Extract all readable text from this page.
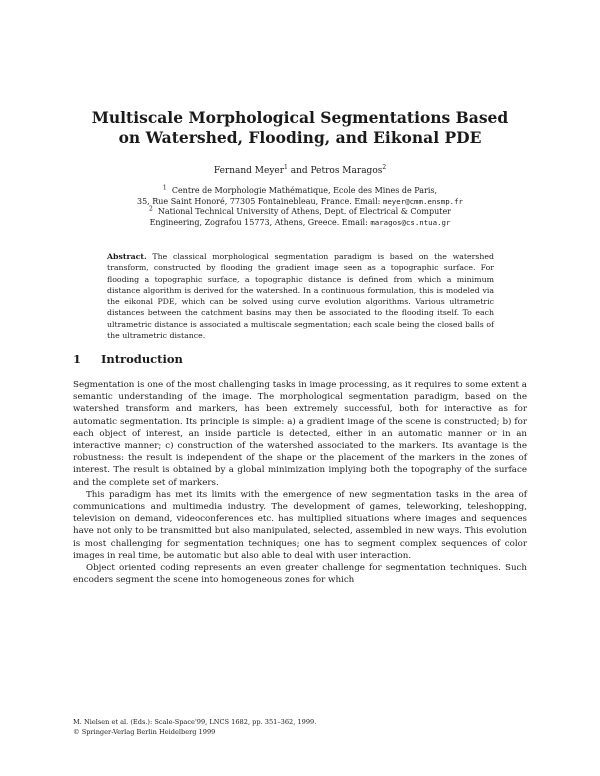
Multiscale Morphological Segmentations Based
on Watershed, Flooding, and Eikonal PDE
Fernand Meyer$^1$ and Petros Maragos$^2$
$^1$ Centre de Morphologie Mathématique, Ecole des Mines de Paris,
35, Rue Saint Honoré, 77305 Fontainebleau, France. Email: meyer@cmm.ensmp.fr
$^2$ National Technical University of Athens, Dept. of Electrical & Computer
Engineering, Zografou 15773, Athens, Greece. Email: maragos@cs.ntua.gr
Abstract. The classical morphological segmentation paradigm is based on the watershed transform, constructed by flooding the gradient image seen as a topographic surface. For flooding a topographic surface, a topographic distance is defined from which a minimum distance algorithm is derived for the watershed. In a continuous formulation, this is modeled via the eikonal PDE, which can be solved using curve evolution algorithms. Various ultrametric distances between the catchment basins may then be associated to the flooding itself. To each ultrametric distance is associated a multiscale segmentation; each scale being the closed balls of the ultrametric distance.
1 Introduction

Segmentation is one of the most challenging tasks in image processing, as it requires to some extent a semantic understanding of the image. The morphological segmentation paradigm, based on the watershed transform and markers, has been extremely successful, both for interactive as for automatic segmentation. Its principle is simple: a) a gradient image of the scene is constructed; b) for each object of interest, an inside particle is detected, either in an automatic manner or in an interactive manner; c) construction of the watershed associated to the markers. Its avantage is the robustness: the result is independent of the shape or the placement of the markers in the zones of interest. The result is obtained by a global minimization implying both the topography of the surface and the complete set of markers.

This paradigm has met its limits with the emergence of new segmentation tasks in the area of communications and multimedia industry. The development of games, teleworking, teleshopping, television on demand, videoconferences etc. has multiplied situations where images and sequences have not only to be transmitted but also manipulated, selected, assembled in new ways. This evolution is most challenging for segmentation techniques; one has to segment complex sequences of color images in real time, be automatic but also able to deal with user interaction.

Object oriented coding represents an even greater challenge for segmentation techniques. Such encoders segment the scene into homogeneous zones for which

M. Nielsen et al. (Eds.): Scale-Space'99, LNCS 1682, pp. 351–362, 1999.
© Springer-Verlag Berlin Heidelberg 1999
